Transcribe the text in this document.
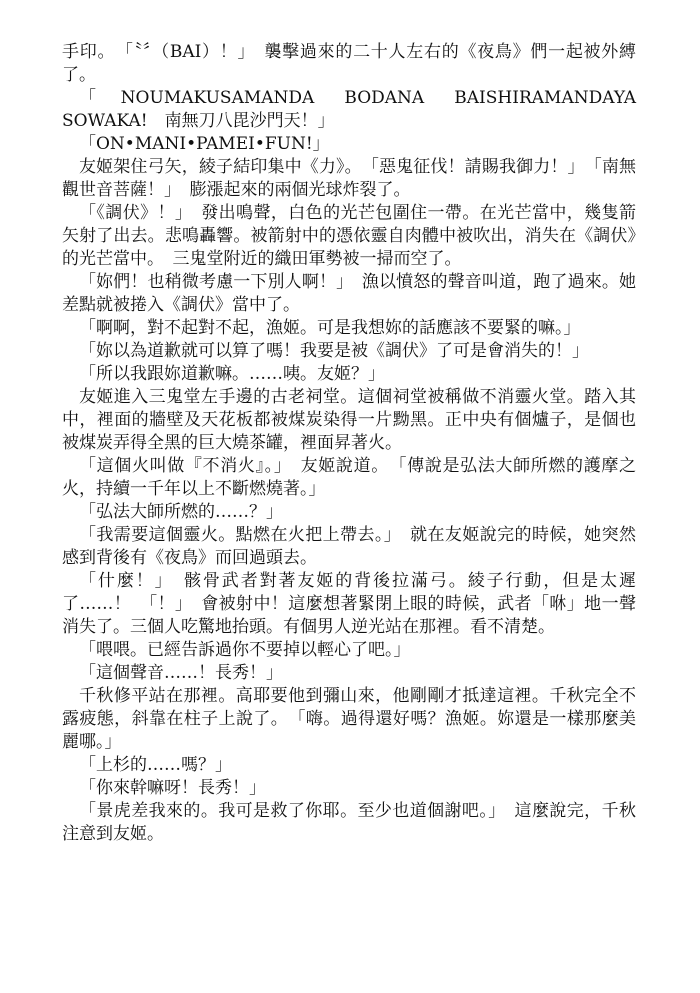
手印。　「〝〞（BAI）！」　襲擊過來的二十人左右的《夜鳥》們一起被外縛了。

「NOUMAKUSAMANDA BODANA BAISHIRAMANDAYA SOWAKA!　南無刀八毘沙門天！」

「ON•MANI•PAMEI•FUN!」

友姬架住弓矢，綾子結印集中《力》。　「惡鬼征伐！請賜我御力！」　「南無觀世音菩薩！」　膨漲起來的兩個光球炸裂了。

「《調伏》！」　發出鳴聲，白色的光芒包圍住一帶。在光芒當中，幾隻箭矢射了出去。悲鳴轟響。被箭射中的憑依靈自肉體中被吹出，消失在《調伏》的光芒當中。　三鬼堂附近的織田軍勢被一掃而空了。

「妳們！也稍微考慮一下別人啊！」　漁以憤怒的聲音叫道，跑了過來。她差點就被捲入《調伏》當中了。

「啊啊，對不起對不起，漁姬。可是我想妳的話應該不要緊的嘛。」

「妳以為道歉就可以算了嗎！我要是被《調伏》了可是會消失的！」

「所以我跟妳道歉嘛。……咦。友姬？」

友姬進入三鬼堂左手邊的古老祠堂。這個祠堂被稱做不消靈火堂。踏入其中，裡面的牆壁及天花板都被煤炭染得一片黝黑。正中央有個爐子，是個也被煤炭弄得全黑的巨大燒茶罐，裡面昇著火。

「這個火叫做『不消火』。」　友姬說道。　「傳說是弘法大師所燃的護摩之火，持續一千年以上不斷燃燒著。」

「弘法大師所燃的……？」

「我需要這個靈火。點燃在火把上帶去。」　就在友姬說完的時候，她突然感到背後有《夜鳥》而回過頭去。

「什麼！」　骸骨武者對著友姬的背後拉滿弓。綾子行動，但是太遲了……！　「！」　會被射中！這麼想著緊閉上眼的時候，武者「咻」地一聲消失了。三個人吃驚地抬頭。有個男人逆光站在那裡。看不清楚。

「喂喂。已經告訴過你不要掉以輕心了吧。」

「這個聲音……！長秀！」

千秋修平站在那裡。高耶要他到彌山來，他剛剛才抵達這裡。千秋完全不露疲態，斜靠在柱子上說了。　「嗨。過得還好嗎？漁姬。妳還是一樣那麼美麗哪。」

「上杉的……嗎？」

「你來幹嘛呀！長秀！」

「景虎差我來的。我可是救了你耶。至少也道個謝吧。」　這麼說完，千秋注意到友姬。
